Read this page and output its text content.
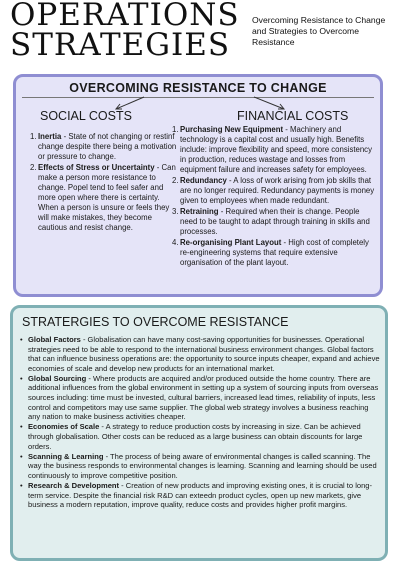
OPERATIONS
STRATEGIES

Overcoming Resistance to Change and Strategies to Overcome Resistance

OVERCOMING RESISTANCE TO CHANGE
SOCIAL COSTS
1. Inertia - State of not changing or restinf change despite there being a motivation or pressure to change.
2. Effects of Stress or Uncertainty - Can make a person more resistance to change. Popel tend to feel safer and more open where there is certainty. When a person is unsure or feels they will make mistakes, they become cautious and resist change.
FINANCIAL COSTS
1. Purchasing New Equipment - Machinery and technology is a capital cost and usually high. Benefits include: improve flexibility and speed, more consistency in production, reduces wastage and losses from equipment failure and increases safety for employees.
2. Redundancy - A loss of work arising from job skills that are no longer required. Redundancy payments is money given to employees when made redundant.
3. Retraining - Required when their is change. People need to be taught to adapt through training in skills and processes.
4. Re-organising Plant Layout - High cost of completely re-engineering systems that require extensive organisation of the plant layout.
STRATERGIES TO OVERCOME RESISTANCE
• Global Factors - Globalisation can have many cost-saving opportunities for businesses. Operational strategies need to be able to respond to the international business environment changes. Global factors that can influence business operations are: the opportunity to source inputs cheaper, expand and achieve economies of scale and develop new products for an international market.
• Global Sourcing - Where products are acquired and/or produced outside the home country. There are additional influences from the global environment in setting up a system of sourcing inputs from overseas sources including: time must be invested, cultural barriers, increased lead times, reliability of inputs, less control and competitors may use same supplier. The global web strategy involves a business reaching any nation to make business activities cheaper.
• Economies of Scale - A strategy to reduce production costs by increasing in size. Can be achieved through globalisation. Other costs can be reduced as a large business can obtain discounts for large orders.
• Scanning & Learning - The process of being aware of environmental changes is called scanning. The way the business responds to environmental changes is learning. Scanning and learning should be used continuously to improve competitive position.
• Research & Development - Creation of new products and improving existing ones, it is crucial to long-term service. Despite the financial risk R&D can exteedn product cycles, open up new markets, give business a modern reputation, improve quality, reduce costs and provides higher profit margins.
